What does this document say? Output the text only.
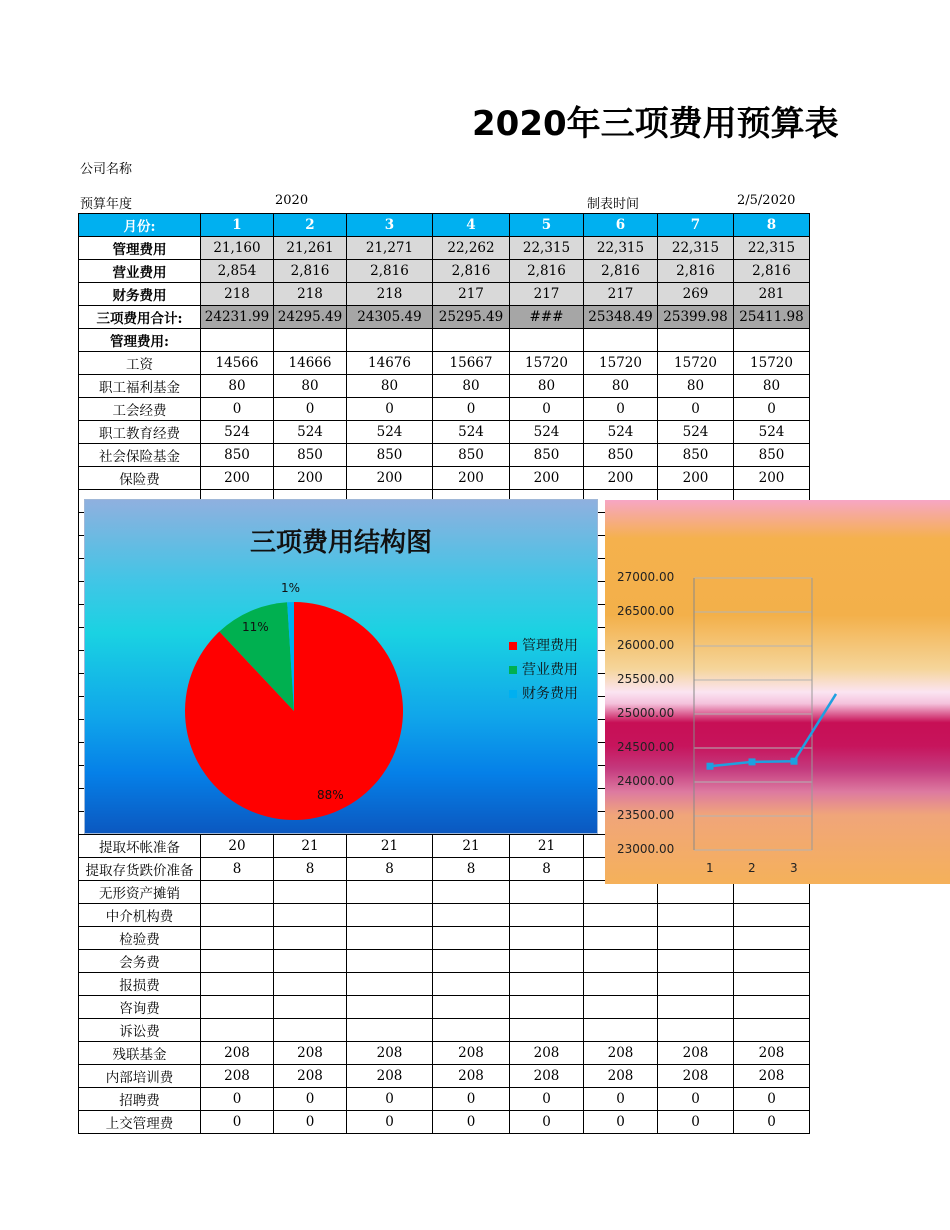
2020年三项费用预算表
公司名称
预算年度	2020	制表时间	2/5/2020
月份:	1	2	3	4	5	6	7	8
管理费用	21,160	21,261	21,271	22,262	22,315	22,315	22,315	22,315
营业费用	2,854	2,816	2,816	2,816	2,816	2,816	2,816	2,816
财务费用	218	218	218	217	217	217	269	281
三项费用合计:	24231.99	24295.49	24305.49	25295.49	###	25348.49	25399.98	25411.98
管理费用:								
工资	14566	14666	14676	15667	15720	15720	15720	15720
职工福利基金	80	80	80	80	80	80	80	80
工会经费	0	0	0	0	0	0	0	0
职工教育经费	524	524	524	524	524	524	524	524
社会保险基金	850	850	850	850	850	850	850	850
保险费	200	200	200	200	200	200	200	200

提取坏帐准备	20	21	21	21	21			
提取存货跌价准备	8	8	8	8	8			
无形资产摊销								
中介机构费								
检验费								
会务费								
报损费								
咨询费								
诉讼费								
残联基金	208	208	208	208	208	208	208	208
内部培训费	208	208	208	208	208	208	208	208
招聘费	0	0	0	0	0	0	0	0
上交管理费	0	0	0	0	0	0	0	0
三项费用结构图
88%
11%
1%
管理费用
营业费用
财务费用
27000.00
26500.00
26000.00
25500.00
25000.00
24500.00
24000.00
23500.00
23000.00
1	2	3
